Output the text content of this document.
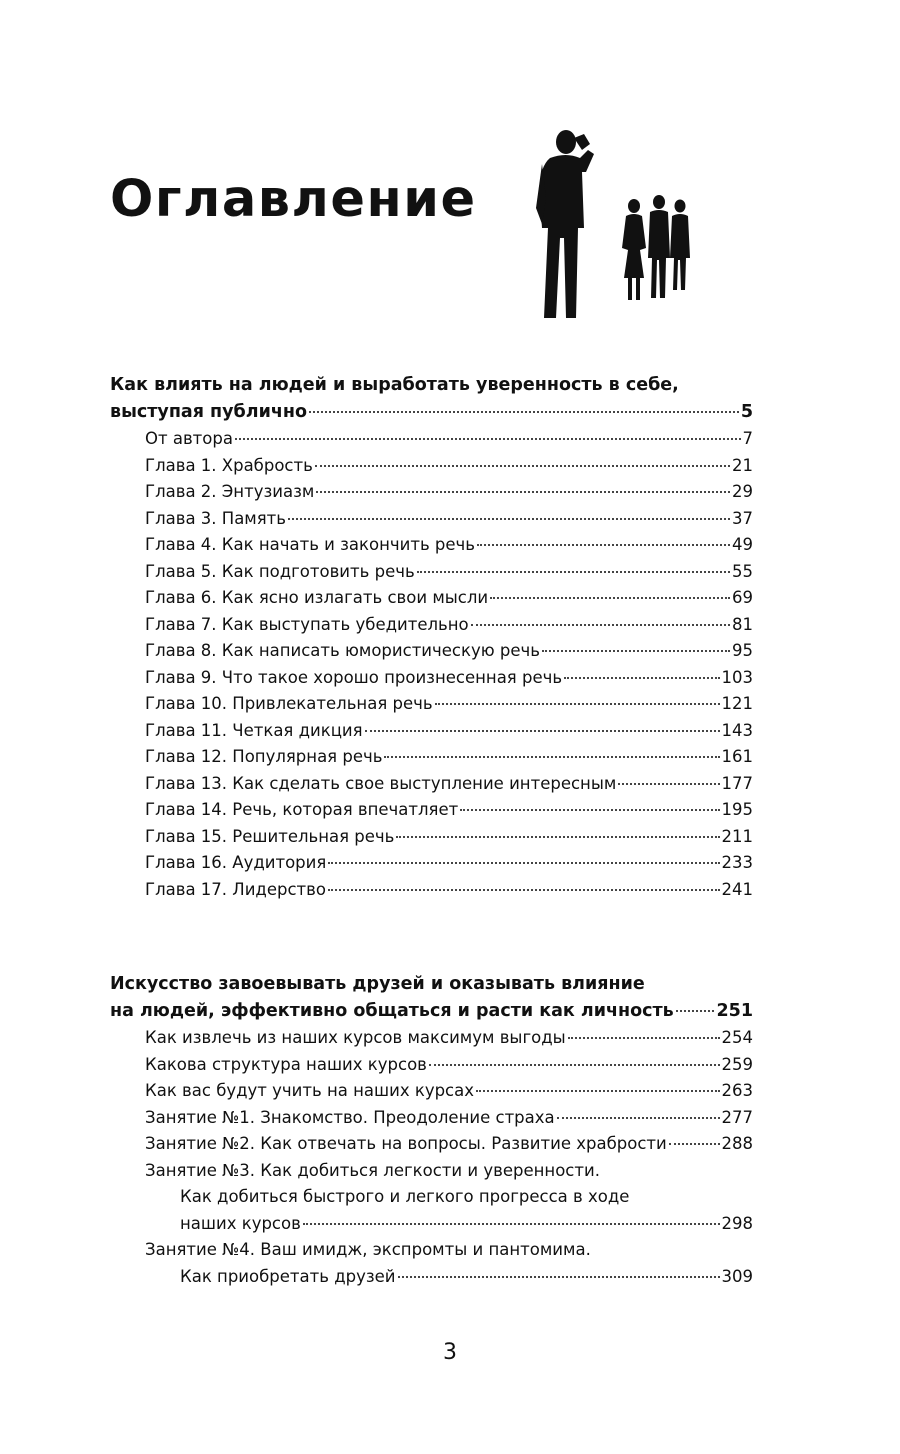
Оглавление
Как влиять на людей и выработать уверенность в себе,
выступая публично	5
От автора	7
Глава 1. Храбрость	21
Глава 2. Энтузиазм	29
Глава 3. Память	37
Глава 4. Как начать и закончить речь	49
Глава 5. Как подготовить речь	55
Глава 6. Как ясно излагать свои мысли	69
Глава 7. Как выступать убедительно	81
Глава 8. Как написать юмористическую речь	95
Глава 9. Что такое хорошо произнесенная речь	103
Глава 10. Привлекательная речь	121
Глава 11. Четкая дикция	143
Глава 12. Популярная речь	161
Глава 13. Как сделать свое выступление интересным	177
Глава 14. Речь, которая впечатляет	195
Глава 15. Решительная речь	211
Глава 16. Аудитория	233
Глава 17. Лидерство	241
Искусство завоевывать друзей и оказывать влияние
на людей, эффективно общаться и расти как личность 251
Как извлечь из наших курсов максимум выгоды	254
Какова структура наших курсов	259
Как вас будут учить на наших курсах	263
Занятие №1. Знакомство. Преодоление страха	277
Занятие №2. Как отвечать на вопросы. Развитие храбрости	288
Занятие №3. Как добиться легкости и уверенности.
Как добиться быстрого и легкого прогресса в ходе
наших курсов	298
Занятие №4. Ваш имидж, экспромты и пантомима.
Как приобретать друзей	309
3
